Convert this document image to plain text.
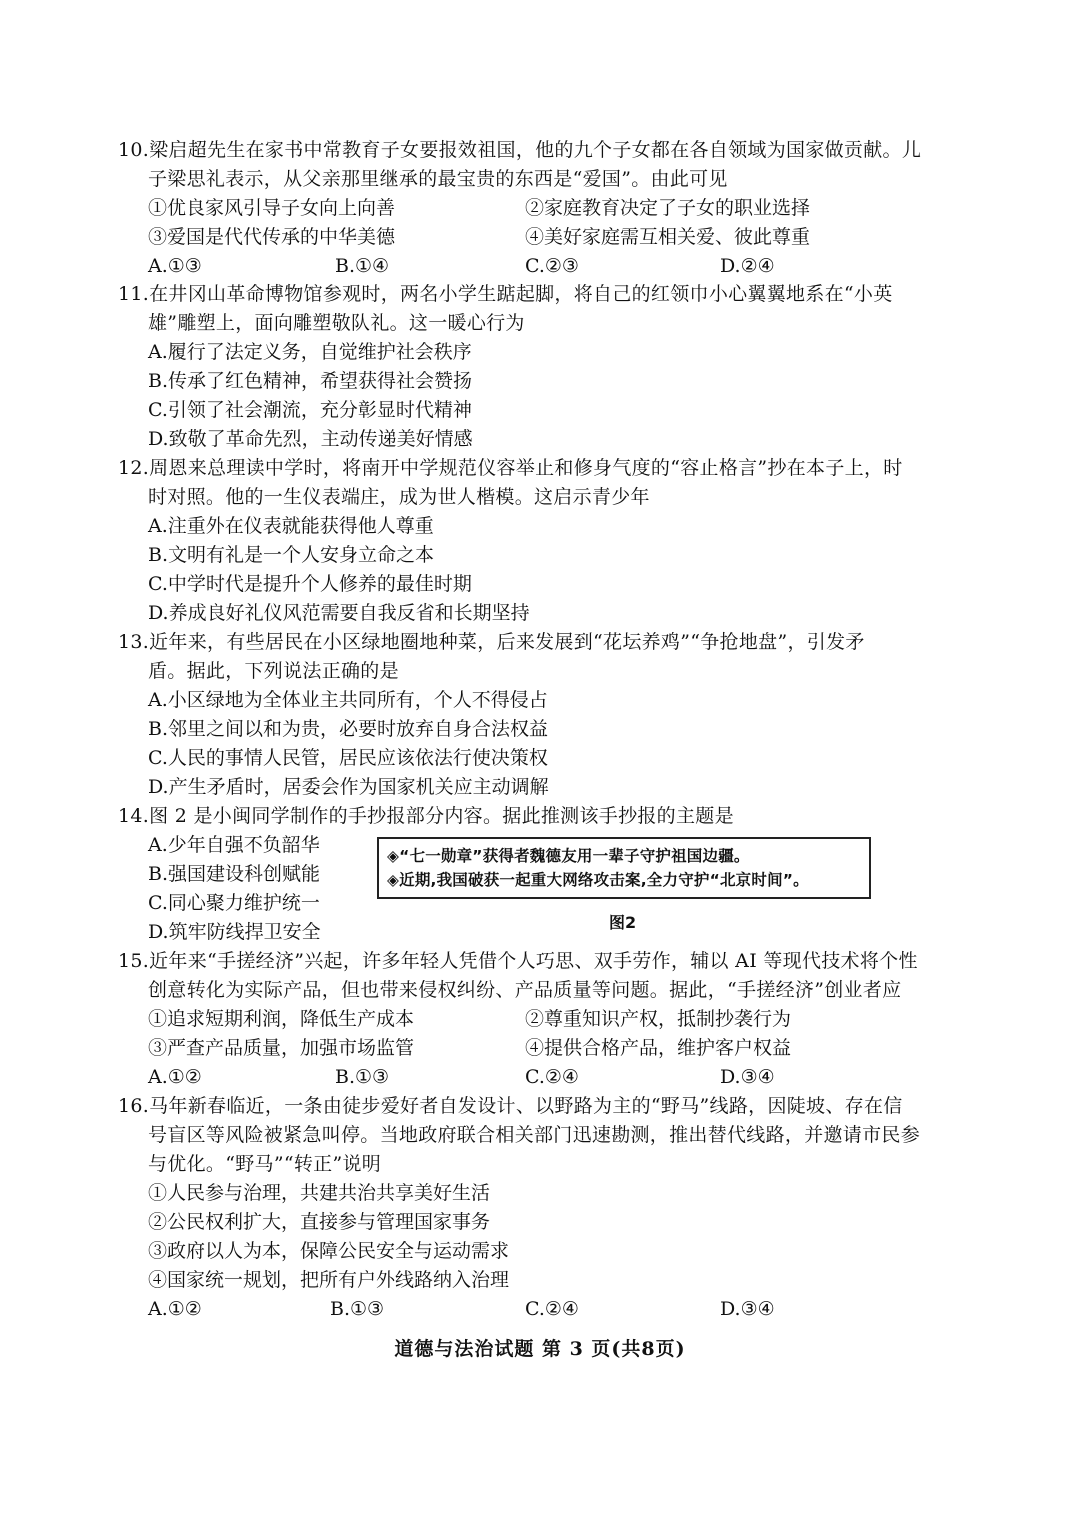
10.梁启超先生在家书中常教育子女要报效祖国，他的九个子女都在各自领域为国家做贡献。儿
子梁思礼表示，从父亲那里继承的最宝贵的东西是“爱国”。由此可见
①优良家风引导子女向上向善	②家庭教育决定了子女的职业选择
③爱国是代代传承的中华美德	④美好家庭需互相关爱、彼此尊重
A.①③	B.①④	C.②③	D.②④
11.在井冈山革命博物馆参观时，两名小学生踮起脚，将自己的红领巾小心翼翼地系在“小英
雄”雕塑上，面向雕塑敬队礼。这一暖心行为
A.履行了法定义务，自觉维护社会秩序
B.传承了红色精神，希望获得社会赞扬
C.引领了社会潮流，充分彰显时代精神
D.致敬了革命先烈，主动传递美好情感
12.周恩来总理读中学时，将南开中学规范仪容举止和修身气度的“容止格言”抄在本子上，时
时对照。他的一生仪表端庄，成为世人楷模。这启示青少年
A.注重外在仪表就能获得他人尊重
B.文明有礼是一个人安身立命之本
C.中学时代是提升个人修养的最佳时期
D.养成良好礼仪风范需要自我反省和长期坚持
13.近年来，有些居民在小区绿地圈地种菜，后来发展到“花坛养鸡”“争抢地盘”，引发矛
盾。据此，下列说法正确的是
A.小区绿地为全体业主共同所有，个人不得侵占
B.邻里之间以和为贵，必要时放弃自身合法权益
C.人民的事情人民管，居民应该依法行使决策权
D.产生矛盾时，居委会作为国家机关应主动调解
14.图 2 是小闽同学制作的手抄报部分内容。据此推测该手抄报的主题是
A.少年自强不负韶华
B.强国建设科创赋能
C.同心聚力维护统一
D.筑牢防线捍卫安全
◈“七一勋章”获得者魏德友用一辈子守护祖国边疆。
◈近期,我国破获一起重大网络攻击案,全力守护“北京时间”。
图2
15.近年来“手搓经济”兴起，许多年轻人凭借个人巧思、双手劳作，辅以 AI 等现代技术将个性
创意转化为实际产品，但也带来侵权纠纷、产品质量等问题。据此，“手搓经济”创业者应
①追求短期利润，降低生产成本	②尊重知识产权，抵制抄袭行为
③严查产品质量，加强市场监管	④提供合格产品，维护客户权益
A.①②	B.①③	C.②④	D.③④
16.马年新春临近，一条由徒步爱好者自发设计、以野路为主的“野马”线路，因陡坡、存在信
号盲区等风险被紧急叫停。当地政府联合相关部门迅速勘测，推出替代线路，并邀请市民参
与优化。“野马”“转正”说明
①人民参与治理，共建共治共享美好生活
②公民权利扩大，直接参与管理国家事务
③政府以人为本，保障公民安全与运动需求
④国家统一规划，把所有户外线路纳入治理
A.①②	B.①③	C.②④	D.③④
道德与法治试题 第 3 页(共8页)
